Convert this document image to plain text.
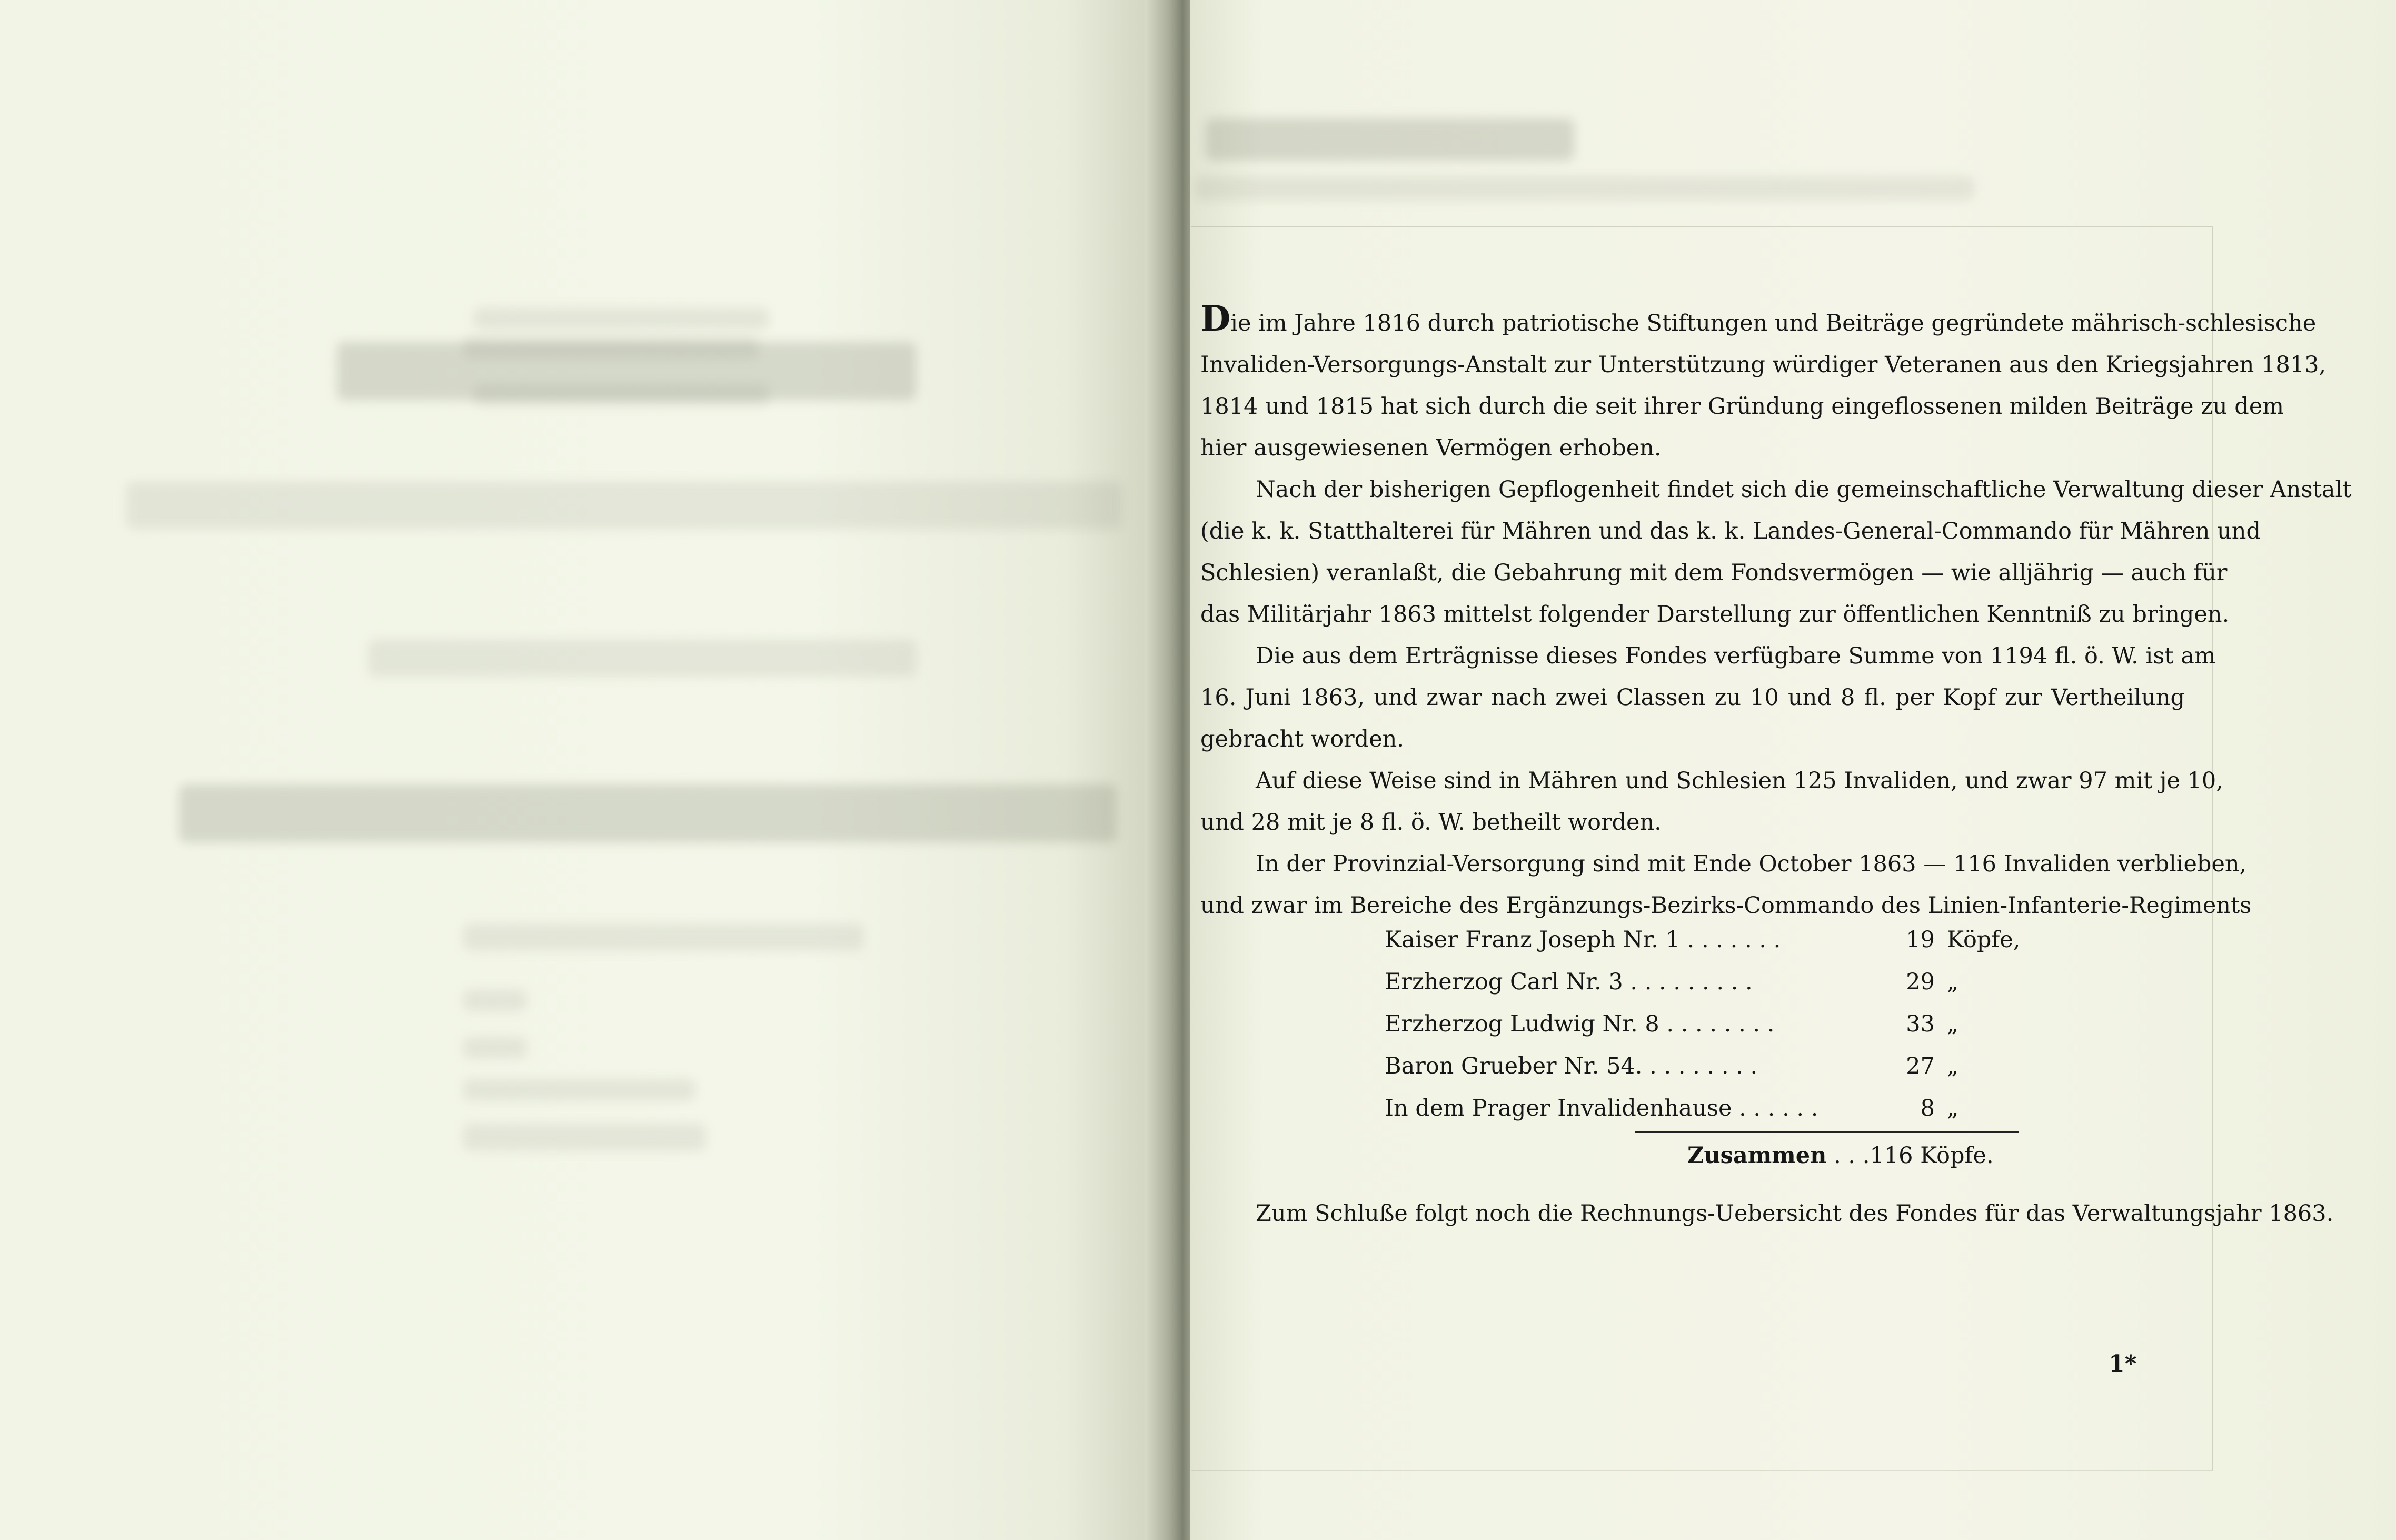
Die im Jahre 1816 durch patriotische Stiftungen und Beiträge gegründete mährisch-schlesische
Invaliden-Versorgungs-Anstalt zur Unterstützung würdiger Veteranen aus den Kriegsjahren 1813,
1814 und 1815 hat sich durch die seit ihrer Gründung eingeflossenen milden Beiträge zu dem
hier ausgewiesenen Vermögen erhoben.
Nach der bisherigen Gepflogenheit findet sich die gemeinschaftliche Verwaltung dieser Anstalt
(die k. k. Statthalterei für Mähren und das k. k. Landes-General-Commando für Mähren und
Schlesien) veranlaßt, die Gebahrung mit dem Fondsvermögen — wie alljährig — auch für
das Militärjahr 1863 mittelst folgender Darstellung zur öffentlichen Kenntniß zu bringen.
Die aus dem Erträgnisse dieses Fondes verfügbare Summe von 1194 fl. ö. W. ist am
16. Juni 1863, und zwar nach zwei Classen zu 10 und 8 fl. per Kopf zur Vertheilung
gebracht worden.
Auf diese Weise sind in Mähren und Schlesien 125 Invaliden, und zwar 97 mit je 10,
und 28 mit je 8 fl. ö. W. betheilt worden.
In der Provinzial-Versorgung sind mit Ende October 1863 — 116 Invaliden verblieben,
und zwar im Bereiche des Ergänzungs-Bezirks-Commando des Linien-Infanterie-Regiments
Kaiser Franz Joseph Nr. 1 . . . . . . .	19 Köpfe,
Erzherzog Carl Nr. 3 . . . . . . . . .	29 „
Erzherzog Ludwig Nr. 8 . . . . . . . .	33 „
Baron Grueber Nr. 54. . . . . . . . .	27 „
In dem Prager Invalidenhause . . . . . .	8 „
Zusammen . . .116 Köpfe.
Zum Schluße folgt noch die Rechnungs-Uebersicht des Fondes für das Verwaltungsjahr 1863.
1*
